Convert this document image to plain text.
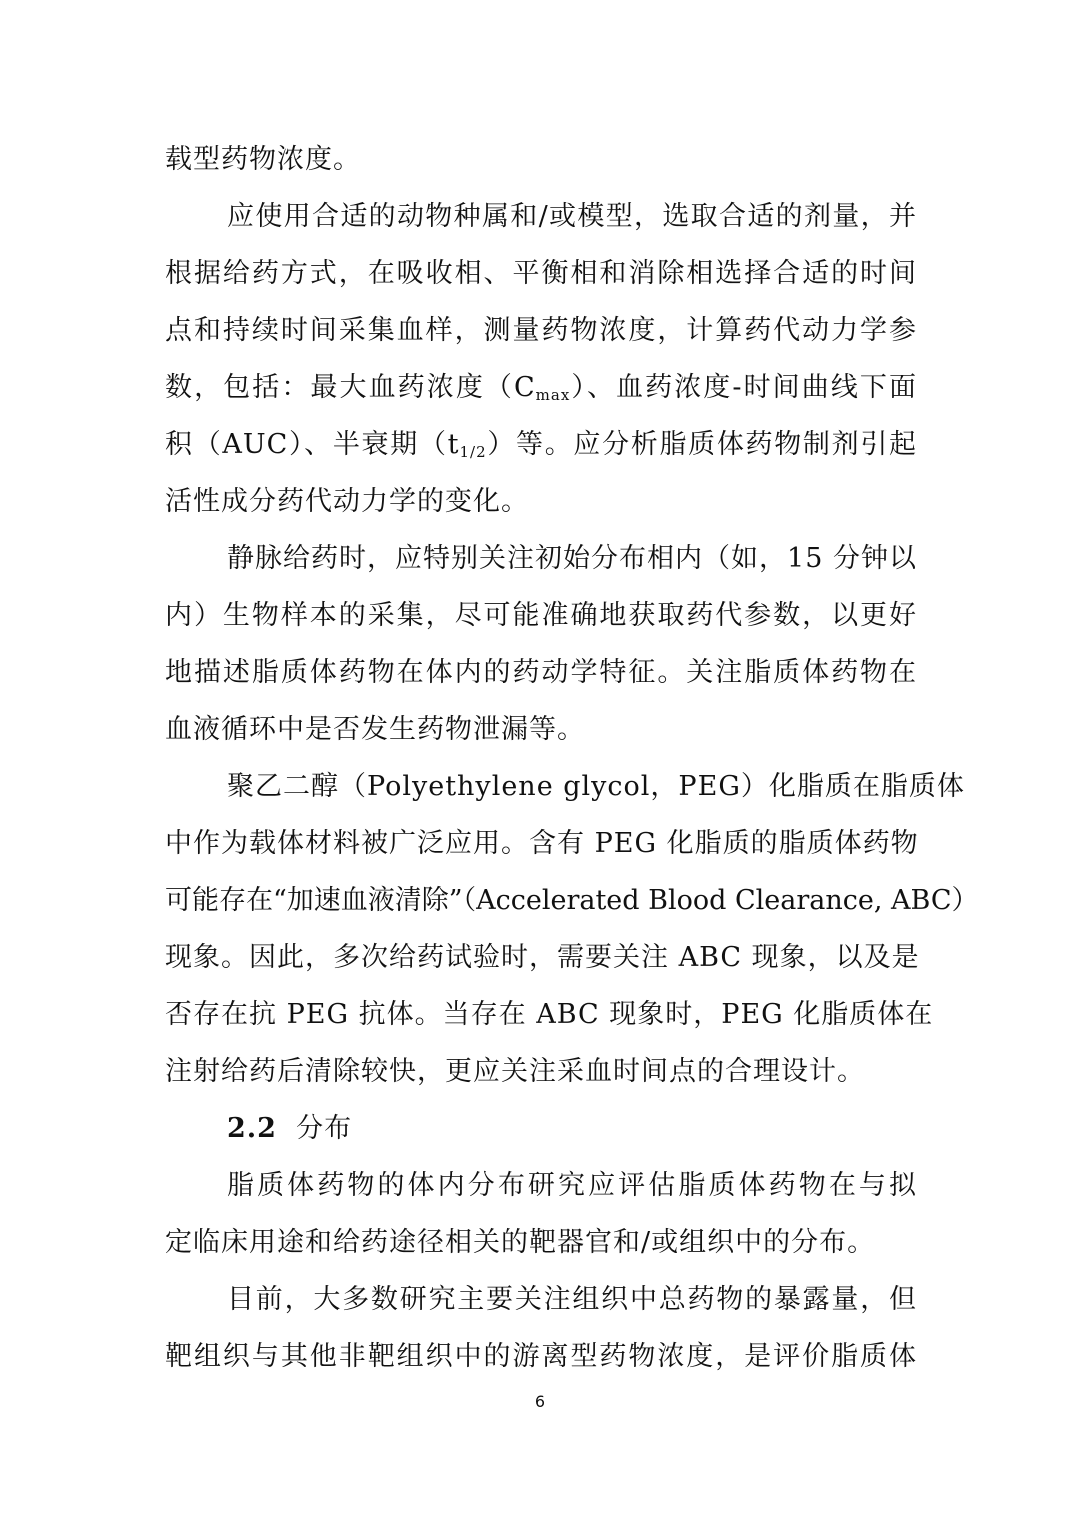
载型药物浓度。
应使用合适的动物种属和/或模型，选取合适的剂量，并
根据给药方式，在吸收相、平衡相和消除相选择合适的时间
点和持续时间采集血样，测量药物浓度，计算药代动力学参
数，包括：最大血药浓度$(C_{max})$、血药浓度-时间曲线下面
积（AUC）、半衰期$(t_{1/2})$等。应分析脂质体药物制剂引起
活性成分药代动力学的变化。
静脉给药时，应特别关注初始分布相内（如，15 分钟以
内）生物样本的采集，尽可能准确地获取药代参数，以更好
地描述脂质体药物在体内的药动学特征。关注脂质体药物在
血液循环中是否发生药物泄漏等。
聚乙二醇（Polyethylene glycol，PEG）化脂质在脂质体
中作为载体材料被广泛应用。含有 PEG 化脂质的脂质体药物
可能存在“加速血液清除”（Accelerated Blood Clearance, ABC）
现象。因此，多次给药试验时，需要关注 ABC 现象，以及是
否存在抗 PEG 抗体。当存在 ABC 现象时，PEG 化脂质体在
注射给药后清除较快，更应关注采血时间点的合理设计。
2.2 分布
脂质体药物的体内分布研究应评估脂质体药物在与拟
定临床用途和给药途径相关的靶器官和/或组织中的分布。
目前，大多数研究主要关注组织中总药物的暴露量，但
靶组织与其他非靶组织中的游离型药物浓度，是评价脂质体
6
